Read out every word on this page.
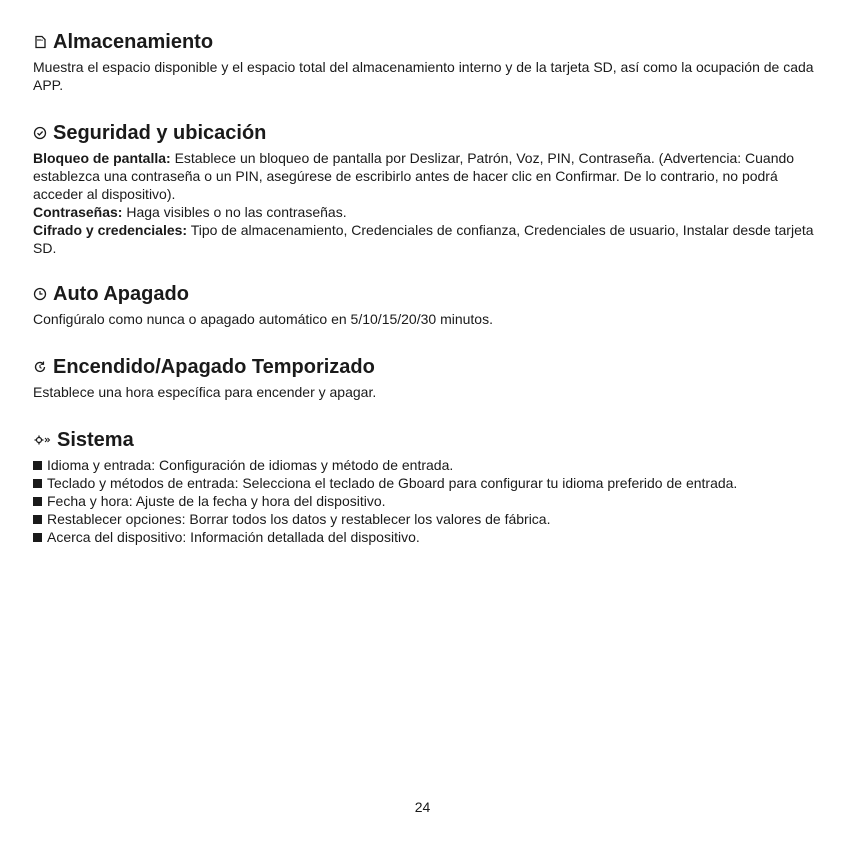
Almacenamiento

Muestra el espacio disponible y el espacio total del almacenamiento interno y de la tarjeta SD, así como la ocupación de cada APP.

Seguridad y ubicación

Bloqueo de pantalla: Establece un bloqueo de pantalla por Deslizar, Patrón, Voz, PIN, Contraseña. (Advertencia: Cuando establezca una contraseña o un PIN, asegúrese de escribirlo antes de hacer clic en Confirmar. De lo contrario, no podrá acceder al dispositivo).

Contraseñas: Haga visibles o no las contraseñas.

Cifrado y credenciales: Tipo de almacenamiento, Credenciales de confianza, Credenciales de usuario, Instalar desde tarjeta SD.

Auto Apagado

Configúralo como nunca o apagado automático en 5/10/15/20/30 minutos.

Encendido/Apagado Temporizado

Establece una hora específica para encender y apagar.

Sistema
Idioma y entrada: Configuración de idiomas y método de entrada.
Teclado y métodos de entrada: Selecciona el teclado de Gboard para configurar tu idioma preferido de entrada.
Fecha y hora: Ajuste de la fecha y hora del dispositivo.
Restablecer opciones: Borrar todos los datos y restablecer los valores de fábrica.
Acerca del dispositivo: Información detallada del dispositivo.
24
